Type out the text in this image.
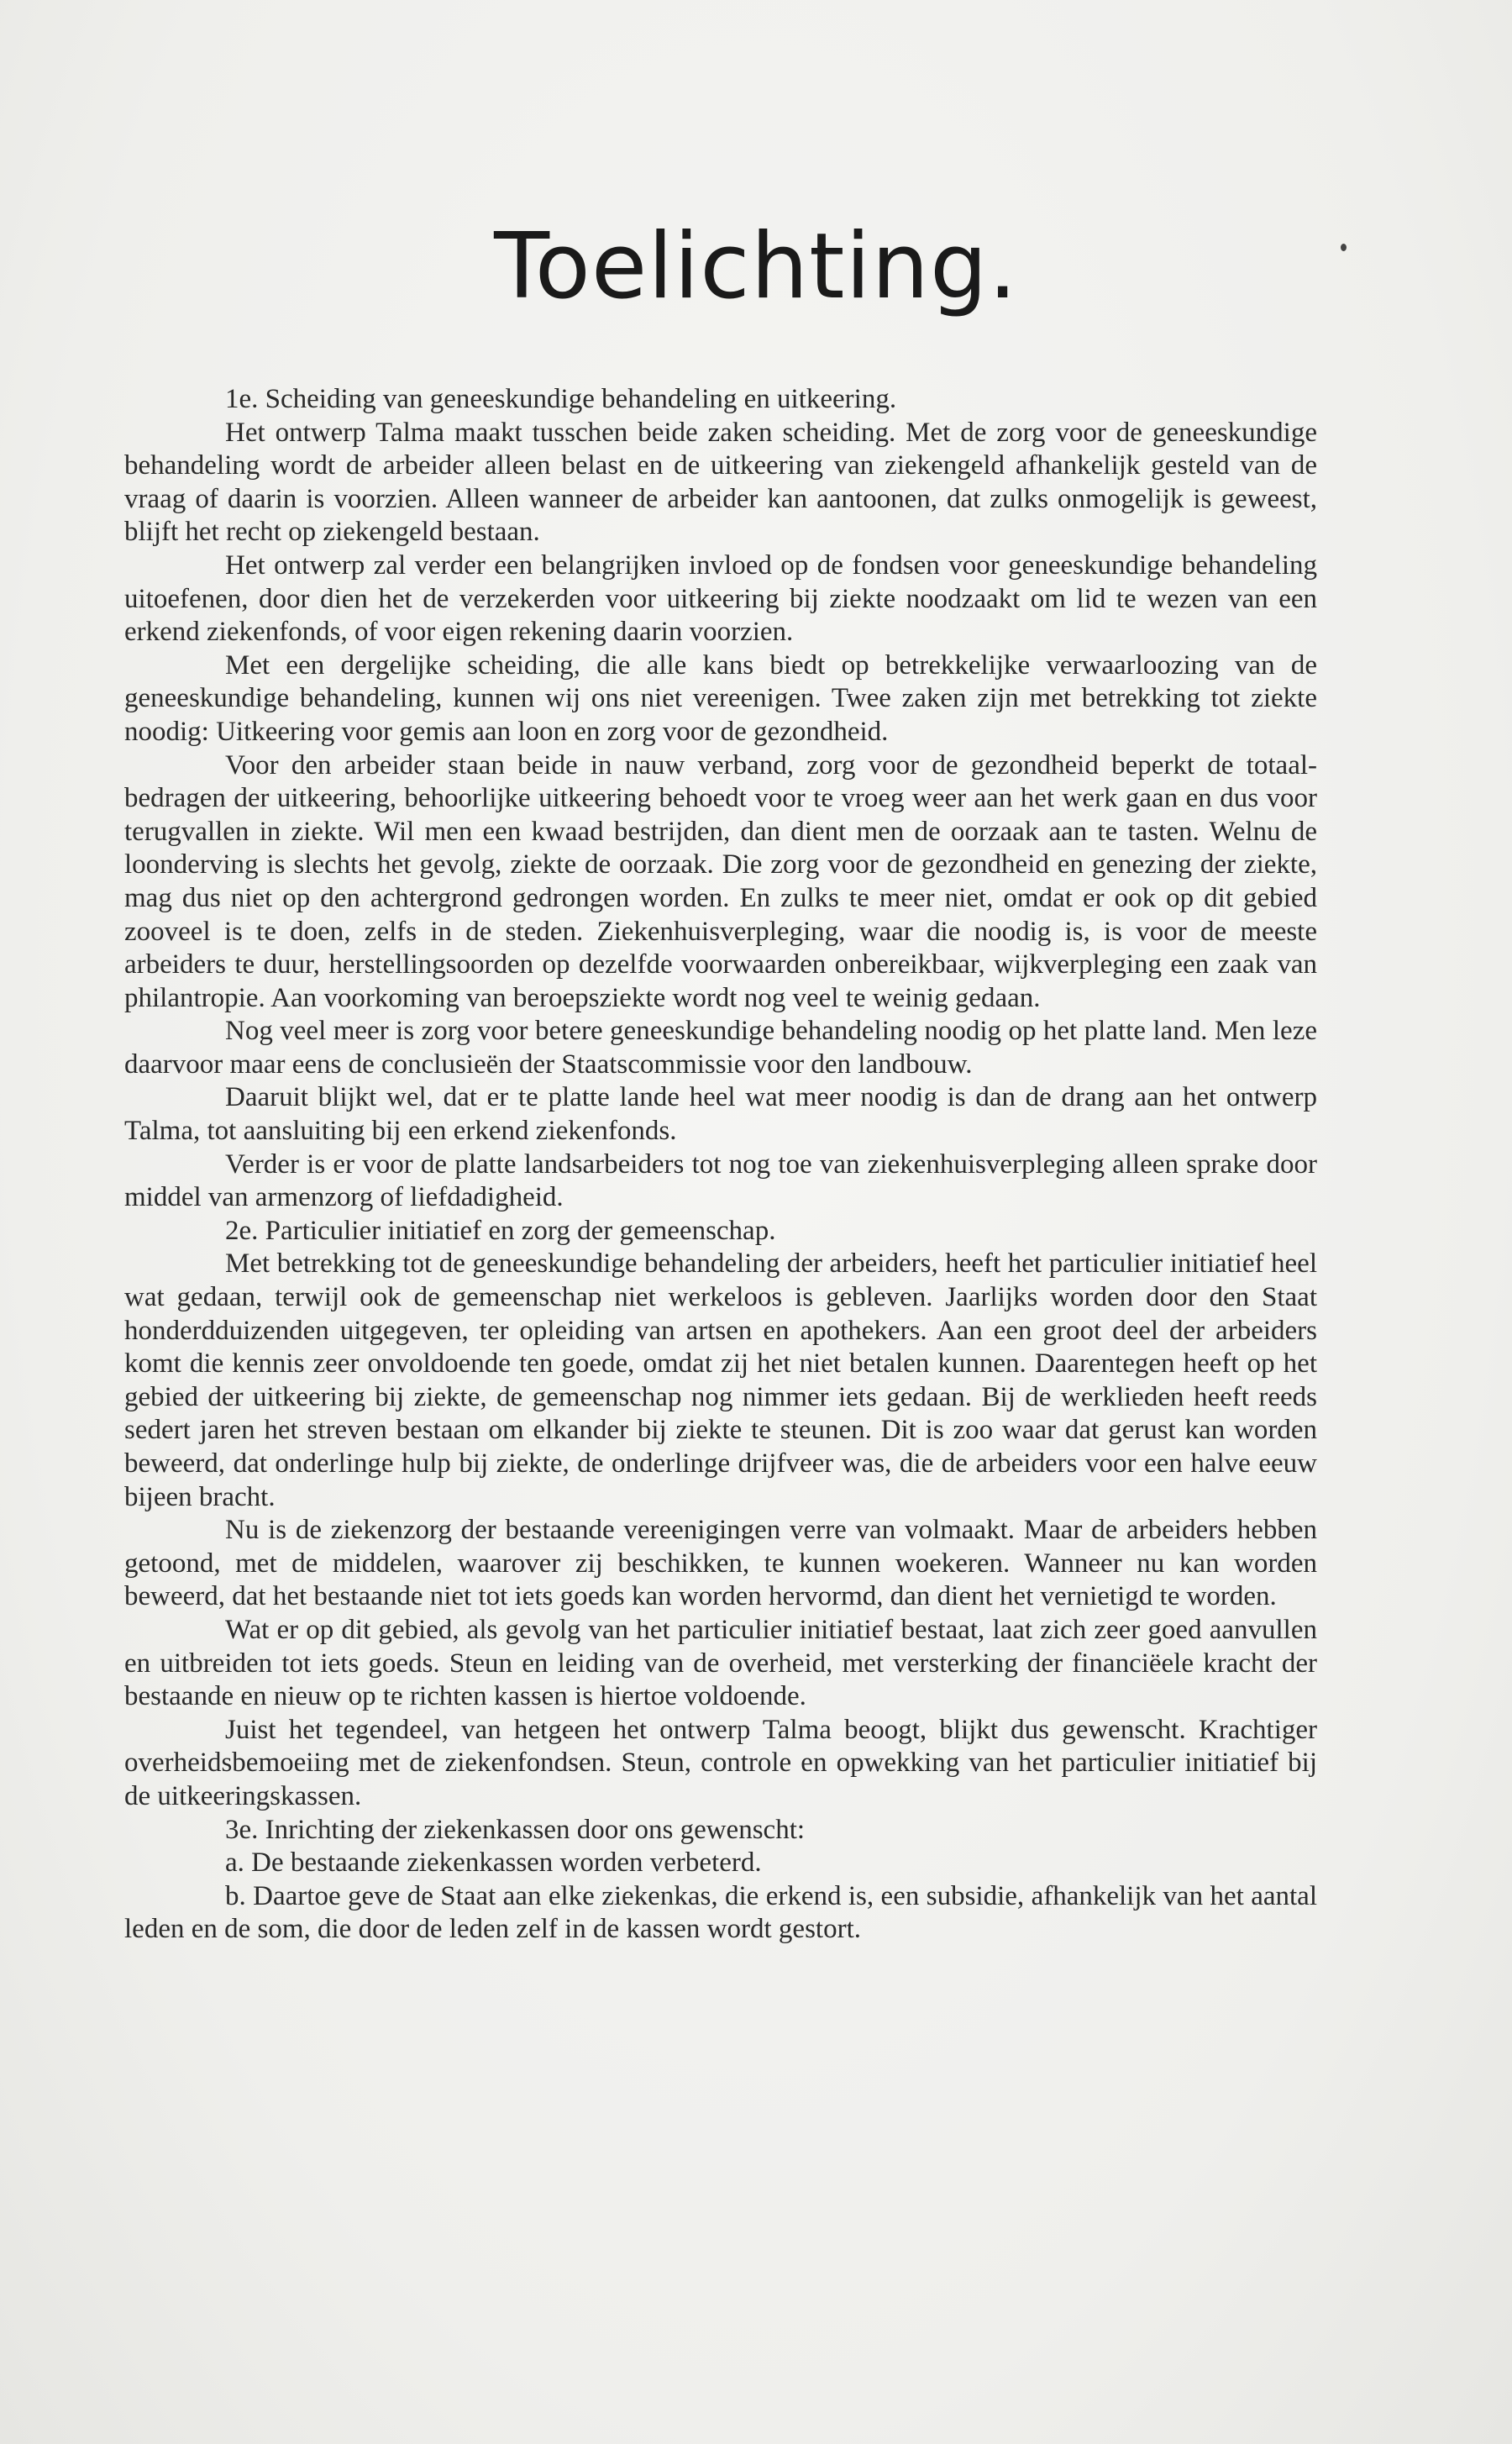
Toelichting.

1e. Scheiding van geneeskundige behandeling en uitkeering.

Het ontwerp Talma maakt tusschen beide zaken scheiding. Met de zorg voor de geneeskundige behandeling wordt de arbeider alleen belast en de uitkeering van ziekengeld afhankelijk gesteld van de vraag of daarin is voorzien. Alleen wanneer de arbeider kan aantoonen, dat zulks onmogelijk is geweest, blijft het recht op ziekengeld bestaan.

Het ontwerp zal verder een belangrijken invloed op de fondsen voor geneeskundige behandeling uitoefenen, door dien het de verzekerden voor uitkeering bij ziekte noodzaakt om lid te wezen van een erkend ziekenfonds, of voor eigen rekening daarin voorzien.

Met een dergelijke scheiding, die alle kans biedt op betrekkelijke verwaarloozing van de geneeskundige behandeling, kunnen wij ons niet vereenigen. Twee zaken zijn met betrekking tot ziekte noodig: Uitkeering voor gemis aan loon en zorg voor de gezondheid.

Voor den arbeider staan beide in nauw verband, zorg voor de gezondheid beperkt de totaal-bedragen der uitkeering, behoorlijke uitkeering behoedt voor te vroeg weer aan het werk gaan en dus voor terugvallen in ziekte. Wil men een kwaad bestrijden, dan dient men de oorzaak aan te tasten. Welnu de loonderving is slechts het gevolg, ziekte de oorzaak. Die zorg voor de gezondheid en genezing der ziekte, mag dus niet op den achtergrond gedrongen worden. En zulks te meer niet, omdat er ook op dit gebied zooveel is te doen, zelfs in de steden. Ziekenhuisverpleging, waar die noodig is, is voor de meeste arbeiders te duur, herstellingsoorden op dezelfde voorwaarden onbereikbaar, wijkverpleging een zaak van philantropie. Aan voorkoming van beroepsziekte wordt nog veel te weinig gedaan.

Nog veel meer is zorg voor betere geneeskundige behandeling noodig op het platte land. Men leze daarvoor maar eens de conclusieën der Staatscommissie voor den landbouw.

Daaruit blijkt wel, dat er te platte lande heel wat meer noodig is dan de drang aan het ontwerp Talma, tot aansluiting bij een erkend ziekenfonds.

Verder is er voor de platte landsarbeiders tot nog toe van ziekenhuisverpleging alleen sprake door middel van armenzorg of liefdadigheid.

2e. Particulier initiatief en zorg der gemeenschap.

Met betrekking tot de geneeskundige behandeling der arbeiders, heeft het particulier initiatief heel wat gedaan, terwijl ook de gemeenschap niet werkeloos is gebleven. Jaarlijks worden door den Staat honderdduizenden uitgegeven, ter opleiding van artsen en apothekers. Aan een groot deel der arbeiders komt die kennis zeer onvoldoende ten goede, omdat zij het niet betalen kunnen. Daarentegen heeft op het gebied der uitkeering bij ziekte, de gemeenschap nog nimmer iets gedaan. Bij de werklieden heeft reeds sedert jaren het streven bestaan om elkander bij ziekte te steunen. Dit is zoo waar dat gerust kan worden beweerd, dat onderlinge hulp bij ziekte, de onderlinge drijfveer was, die de arbeiders voor een halve eeuw bijeen bracht.

Nu is de ziekenzorg der bestaande vereenigingen verre van volmaakt. Maar de arbeiders hebben getoond, met de middelen, waarover zij beschikken, te kunnen woekeren. Wanneer nu kan worden beweerd, dat het bestaande niet tot iets goeds kan worden hervormd, dan dient het vernietigd te worden.

Wat er op dit gebied, als gevolg van het particulier initiatief bestaat, laat zich zeer goed aanvullen en uitbreiden tot iets goeds. Steun en leiding van de overheid, met versterking der financiëele kracht der bestaande en nieuw op te richten kassen is hiertoe voldoende.

Juist het tegendeel, van hetgeen het ontwerp Talma beoogt, blijkt dus gewenscht. Krachtiger overheidsbemoeiing met de ziekenfondsen. Steun, controle en opwekking van het particulier initiatief bij de uitkeeringskassen.

3e. Inrichting der ziekenkassen door ons gewenscht:

a. De bestaande ziekenkassen worden verbeterd.

b. Daartoe geve de Staat aan elke ziekenkas, die erkend is, een subsidie, afhankelijk van het aantal leden en de som, die door de leden zelf in de kassen wordt gestort.
